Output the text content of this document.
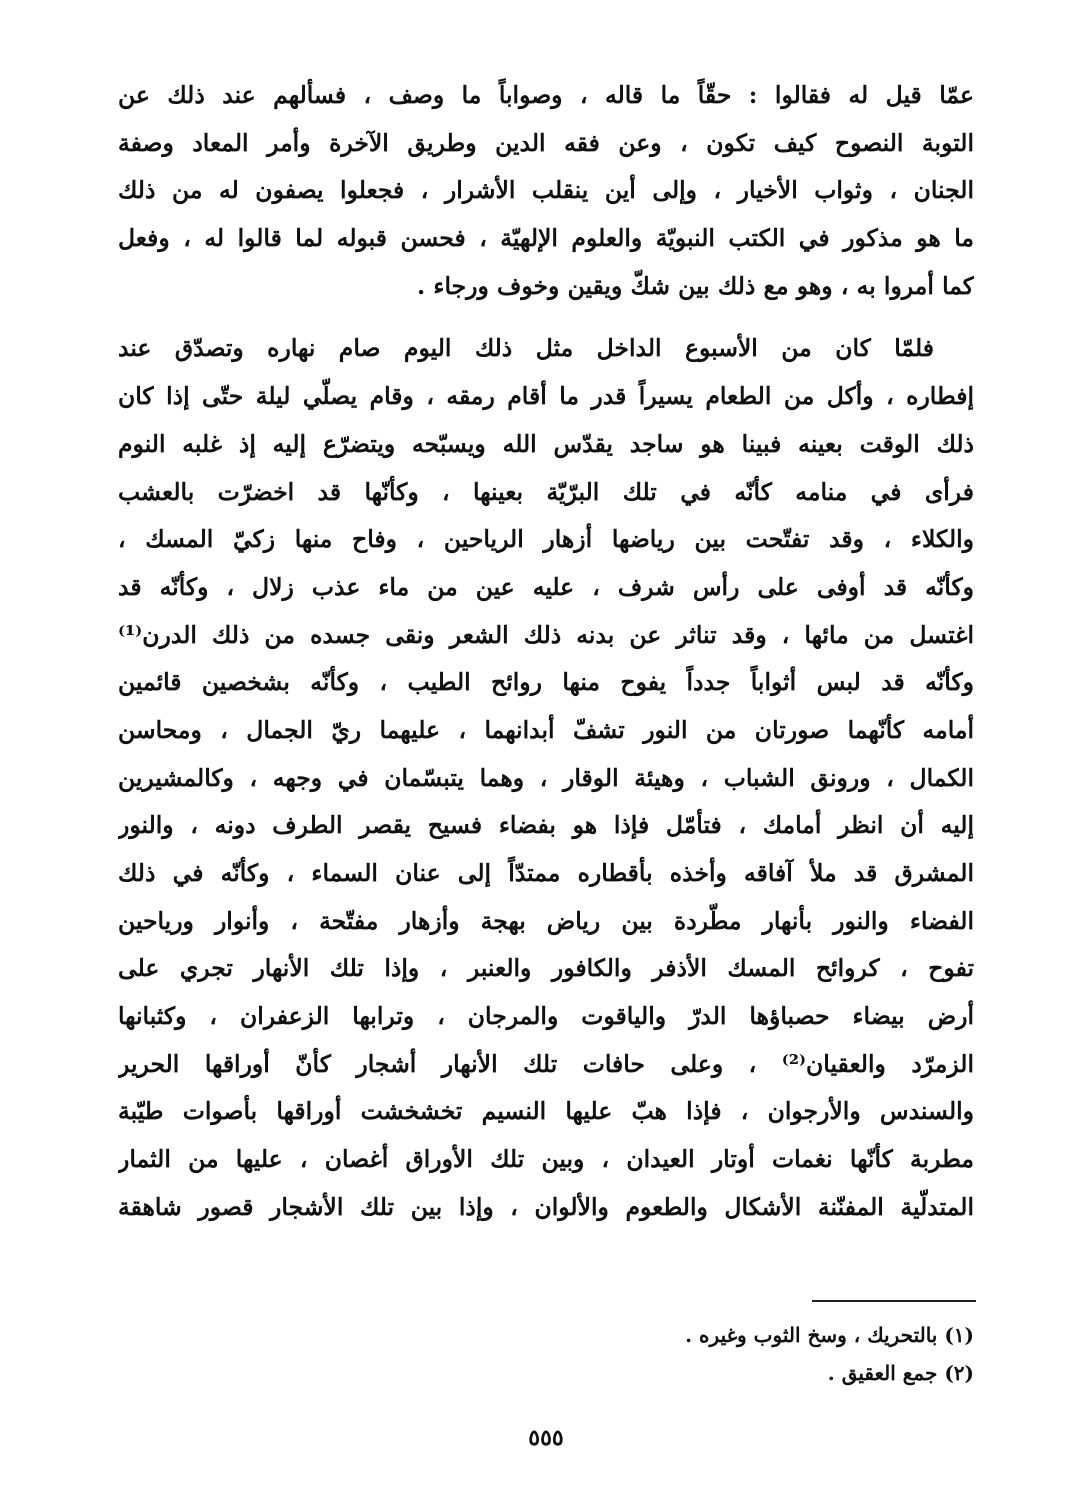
عمّا قيل له فقالوا : حقّاً ما قاله ، وصواباً ما وصف ، فسألهم عند ذلك عن
التوبة النصوح كيف تكون ، وعن فقه الدين وطريق الآخرة وأمر المعاد وصفة
الجنان ، وثواب الأخيار ، وإلى أين ينقلب الأشرار ، فجعلوا يصفون له من ذلك
ما هو مذكور في الكتب النبويّة والعلوم الإلهيّة ، فحسن قبوله لما قالوا له ، وفعل
كما أمروا به ، وهو مع ذلك بين شكّ ويقين وخوف ورجاء .
فلمّا كان من الأسبوع الداخل مثل ذلك اليوم صام نهاره وتصدّق عند
إفطاره ، وأكل من الطعام يسيراً قدر ما أقام رمقه ، وقام يصلّي ليلة حتّى إذا كان
ذلك الوقت بعينه فبينا هو ساجد يقدّس الله ويسبّحه ويتضرّع إليه إذ غلبه النوم
فرأى في منامه كأنّه في تلك البرّيّة بعينها ، وكأنّها قد اخضرّت بالعشب
والكلاء ، وقد تفتّحت بين رياضها أزهار الرياحين ، وفاح منها زكيّ المسك ،
وكأنّه قد أوفى على رأس شرف ، عليه عين من ماء عذب زلال ، وكأنّه قد
اغتسل من مائها ، وقد تناثر عن بدنه ذلك الشعر ونقى جسده من ذلك الدرن⁽¹⁾
وكأنّه قد لبس أثواباً جدداً يفوح منها روائح الطيب ، وكأنّه بشخصين قائمين
أمامه كأنّهما صورتان من النور تشفّ أبدانهما ، عليهما ريّ الجمال ، ومحاسن
الكمال ، ورونق الشباب ، وهيئة الوقار ، وهما يتبسّمان في وجهه ، وكالمشيرين
إليه أن انظر أمامك ، فتأمّل فإذا هو بفضاء فسيح يقصر الطرف دونه ، والنور
المشرق قد ملأ آفاقه وأخذه بأقطاره ممتدّاً إلى عنان السماء ، وكأنّه في ذلك
الفضاء والنور بأنهار مطّردة بين رياض بهجة وأزهار مفتّحة ، وأنوار ورياحين
تفوح ، كروائح المسك الأذفر والكافور والعنبر ، وإذا تلك الأنهار تجري على
أرض بيضاء حصباؤها الدرّ والياقوت والمرجان ، وترابها الزعفران ، وكثبانها
الزمرّد والعقيان⁽²⁾ ، وعلى حافات تلك الأنهار أشجار كأنّ أوراقها الحرير
والسندس والأرجوان ، فإذا هبّ عليها النسيم تخشخشت أوراقها بأصوات طيّبة
مطربة كأنّها نغمات أوتار العيدان ، وبين تلك الأوراق أغصان ، عليها من الثمار
المتدلّية المفنّنة الأشكال والطعوم والألوان ، وإذا بين تلك الأشجار قصور شاهقة
(١) بالتحريك ، وسخ الثوب وغيره .
(٢) جمع العقيق .
٥٥٥
